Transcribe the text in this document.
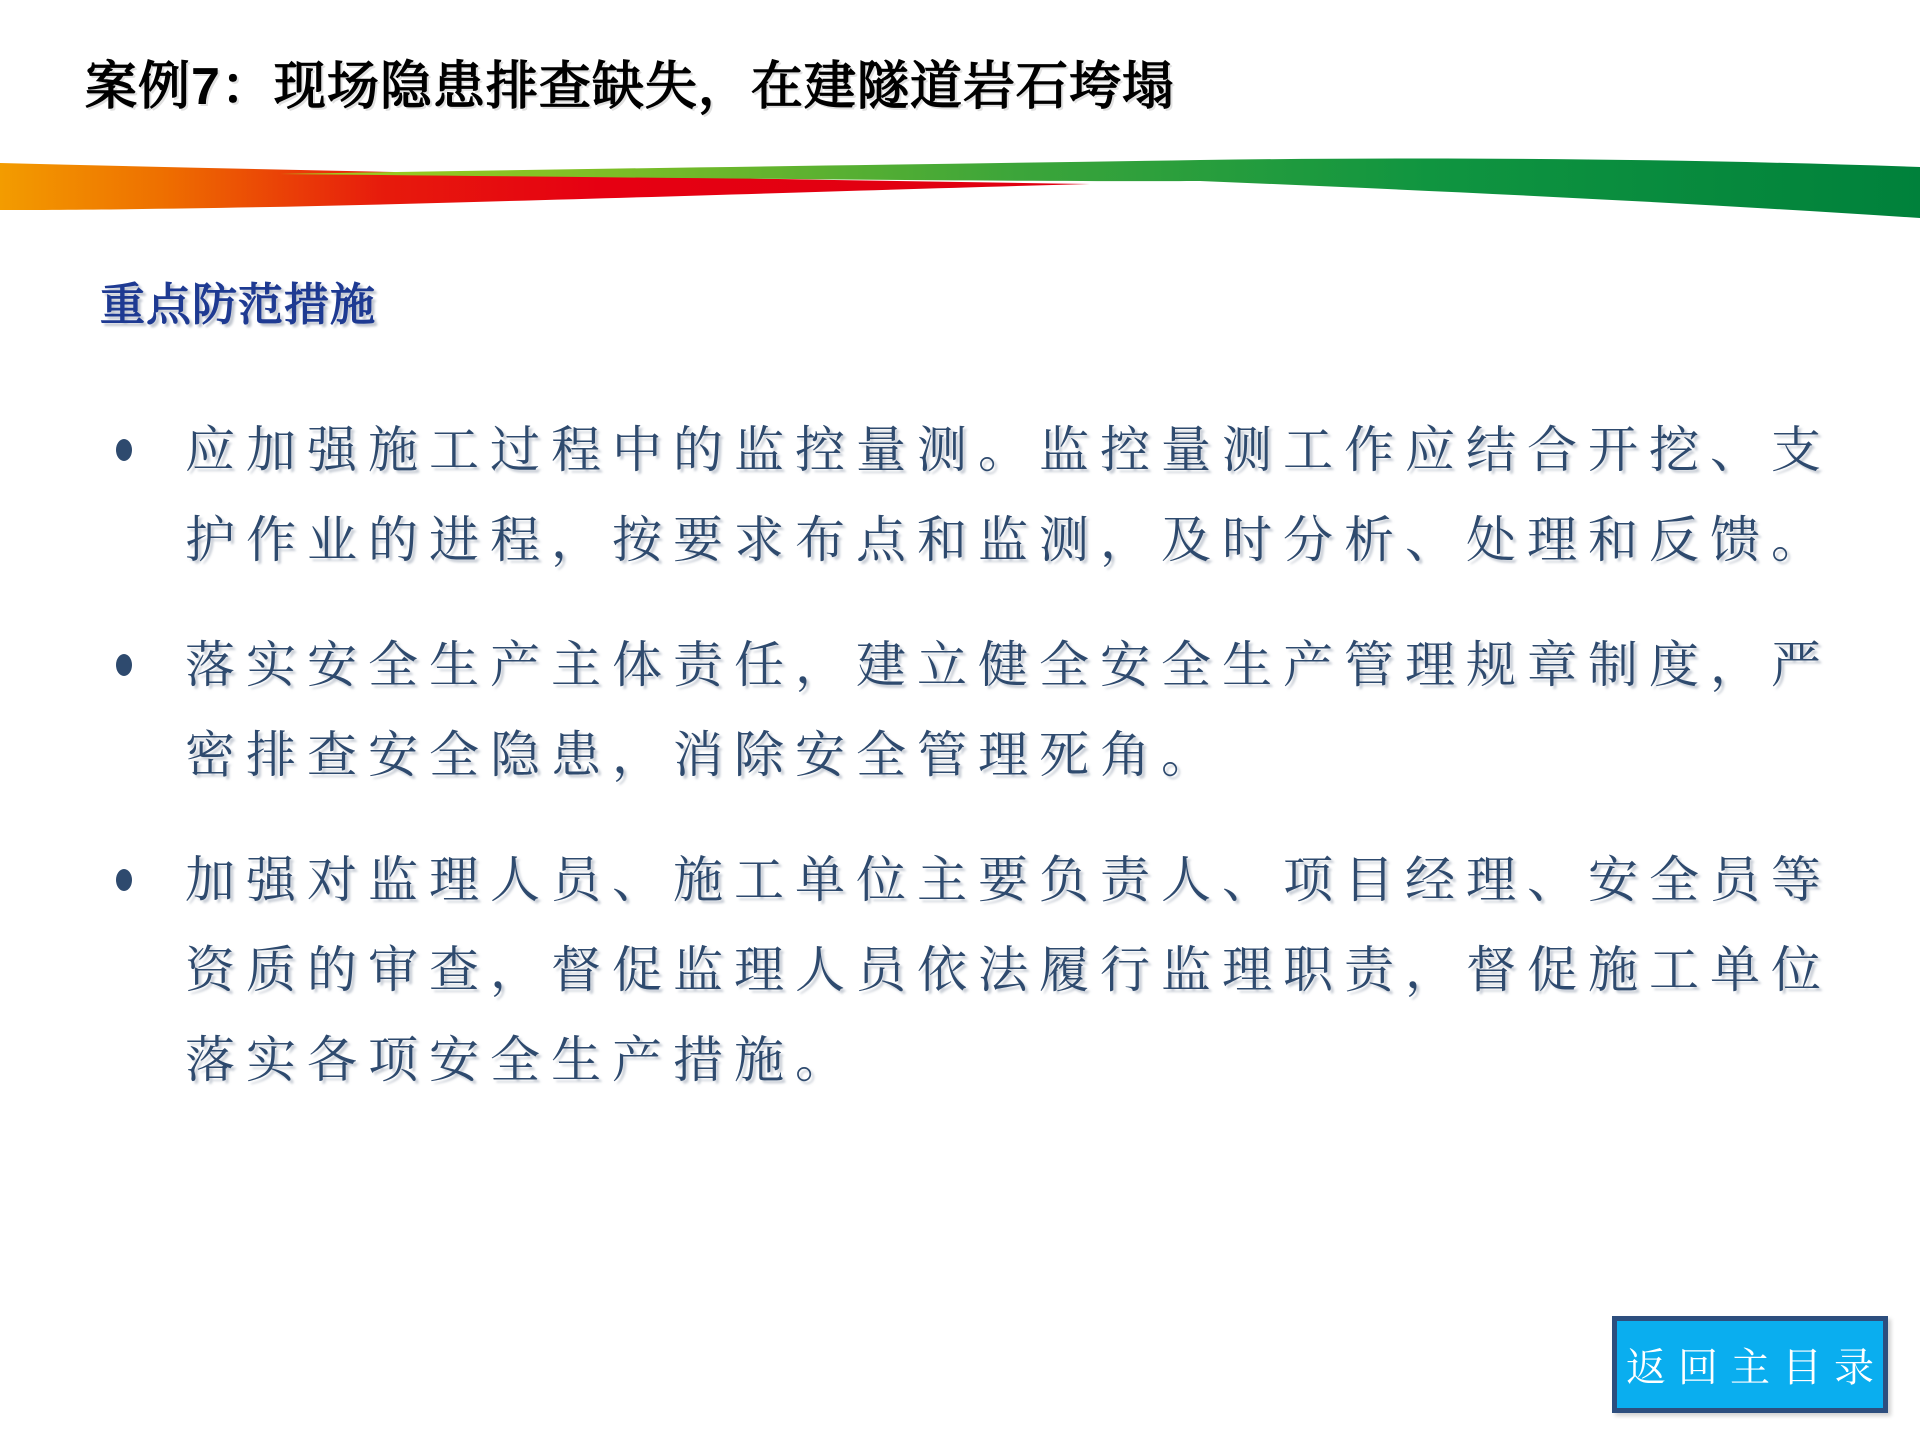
案例7：现场隐患排查缺失，在建隧道岩石垮塌
重点防范措施
应加强施工过程中的监控量测。监控量测工作应结合开挖、支护作业的进程，按要求布点和监测，及时分析、处理和反馈。
落实安全生产主体责任，建立健全安全生产管理规章制度，严密排查安全隐患，消除安全管理死角。
加强对监理人员、施工单位主要负责人、项目经理、安全员等资质的审查，督促监理人员依法履行监理职责，督促施工单位落实各项安全生产措施。
返回主目录
